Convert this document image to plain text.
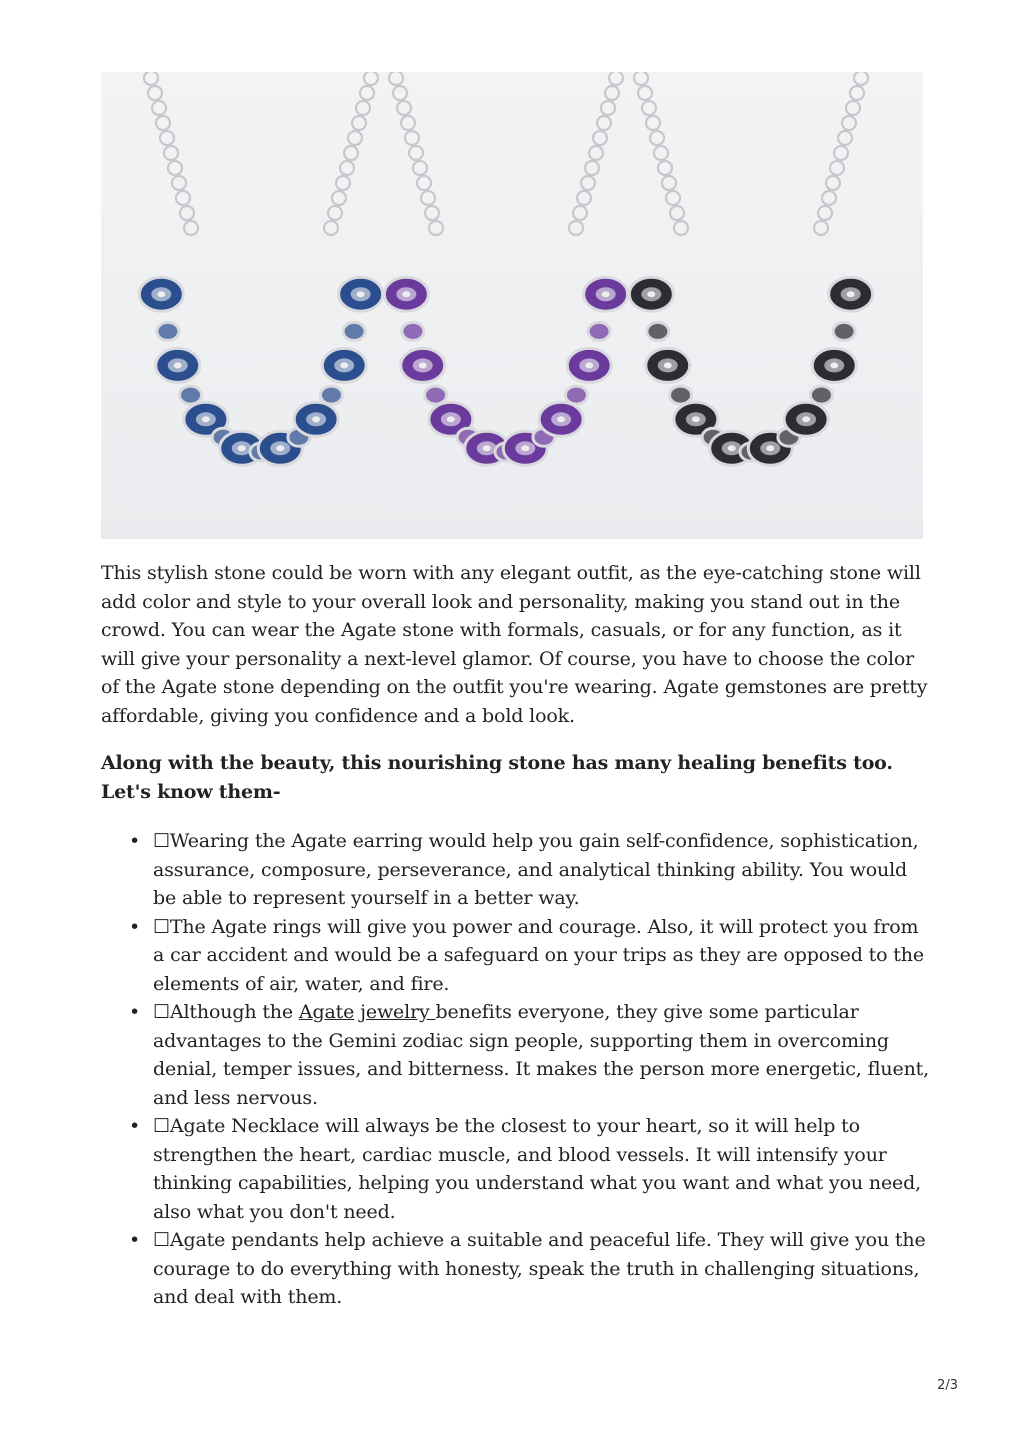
This stylish stone could be worn with any elegant outfit, as the eye-catching stone will add color and style to your overall look and personality, making you stand out in the crowd. You can wear the Agate stone with formals, casuals, or for any function, as it will give your personality a next-level glamor. Of course, you have to choose the color of the Agate stone depending on the outfit you're wearing. Agate gemstones are pretty affordable, giving you confidence and a bold look.

Along with the beauty, this nourishing stone has many healing benefits too. Let's know them-

• ☐Wearing the Agate earring would help you gain self-confidence, sophistication, assurance, composure, perseverance, and analytical thinking ability. You would be able to represent yourself in a better way.
• ☐The Agate rings will give you power and courage. Also, it will protect you from a car accident and would be a safeguard on your trips as they are opposed to the elements of air, water, and fire.
• ☐Although the Agate jewelry benefits everyone, they give some particular advantages to the Gemini zodiac sign people, supporting them in overcoming denial, temper issues, and bitterness. It makes the person more energetic, fluent, and less nervous.
• ☐Agate Necklace will always be the closest to your heart, so it will help to strengthen the heart, cardiac muscle, and blood vessels. It will intensify your thinking capabilities, helping you understand what you want and what you need, also what you don't need.
• ☐Agate pendants help achieve a suitable and peaceful life. They will give you the courage to do everything with honesty, speak the truth in challenging situations, and deal with them.
2/3
